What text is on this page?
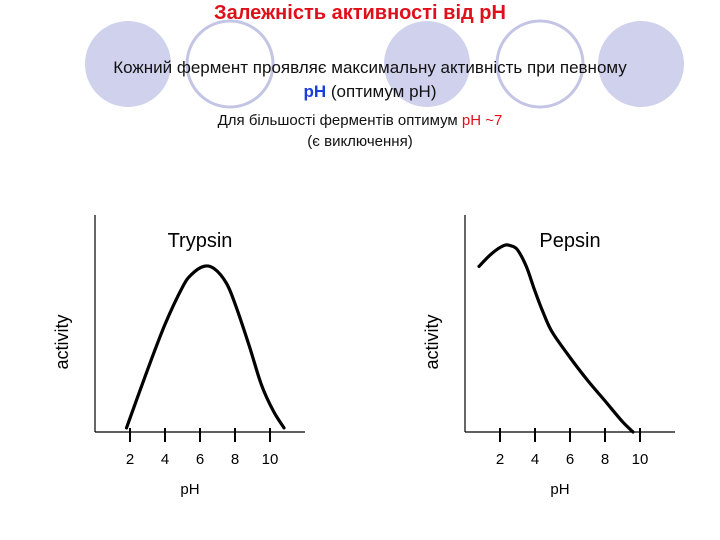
Залежність активності від рН
Кожний фермент проявляє максимальну активність при певному
рН (оптимум рН)
Для більшості ферментів оптимум рН ~7
(є виключення)
2 4 6 8 10
pH
activity
Trypsin
2 4 6 8 10
pH
activity
Pepsin
